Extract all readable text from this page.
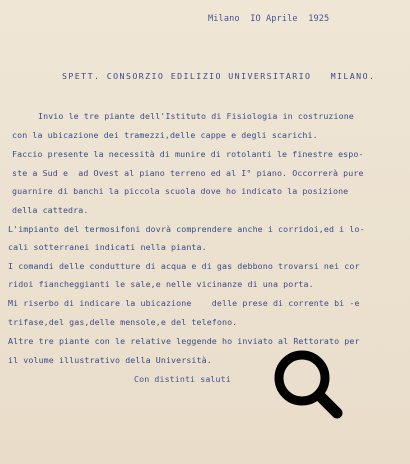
Milano  IO Aprile  1925
SPETT. CONSORZIO EDILIZIO UNIVERSITARIO   MILANO.
Invio le tre piante dell'Istituto di Fisiologia in costruzione
con la ubicazione dei tramezzi,delle cappe e degli scarichi.
Faccio presente la necessità di munire di rotolanti le finestre espo-
ste a Sud e  ad Ovest al piano terreno ed al I° piano. Occorrerà pure
guarnire di banchi la piccola scuola dove ho indicato la posizione
della cattedra.
L'impianto del termosifoni dovrà comprendere anche i corridoi,ed i lo-
cali sotterranei indicati nella pianta.
I comandi delle condutture di acqua e di gas debbono trovarsi nei cor
ridoi fiancheggianti le sale,e nelle vicinanze di una porta.
Mi riserbo di indicare la ubicazione    delle prese di corrente bi -e
trifase,del gas,delle mensole,e del telefono.
Altre tre piante con le relative leggende ho inviato al Rettorato per
il volume illustrativo della Università.
Con distinti saluti
